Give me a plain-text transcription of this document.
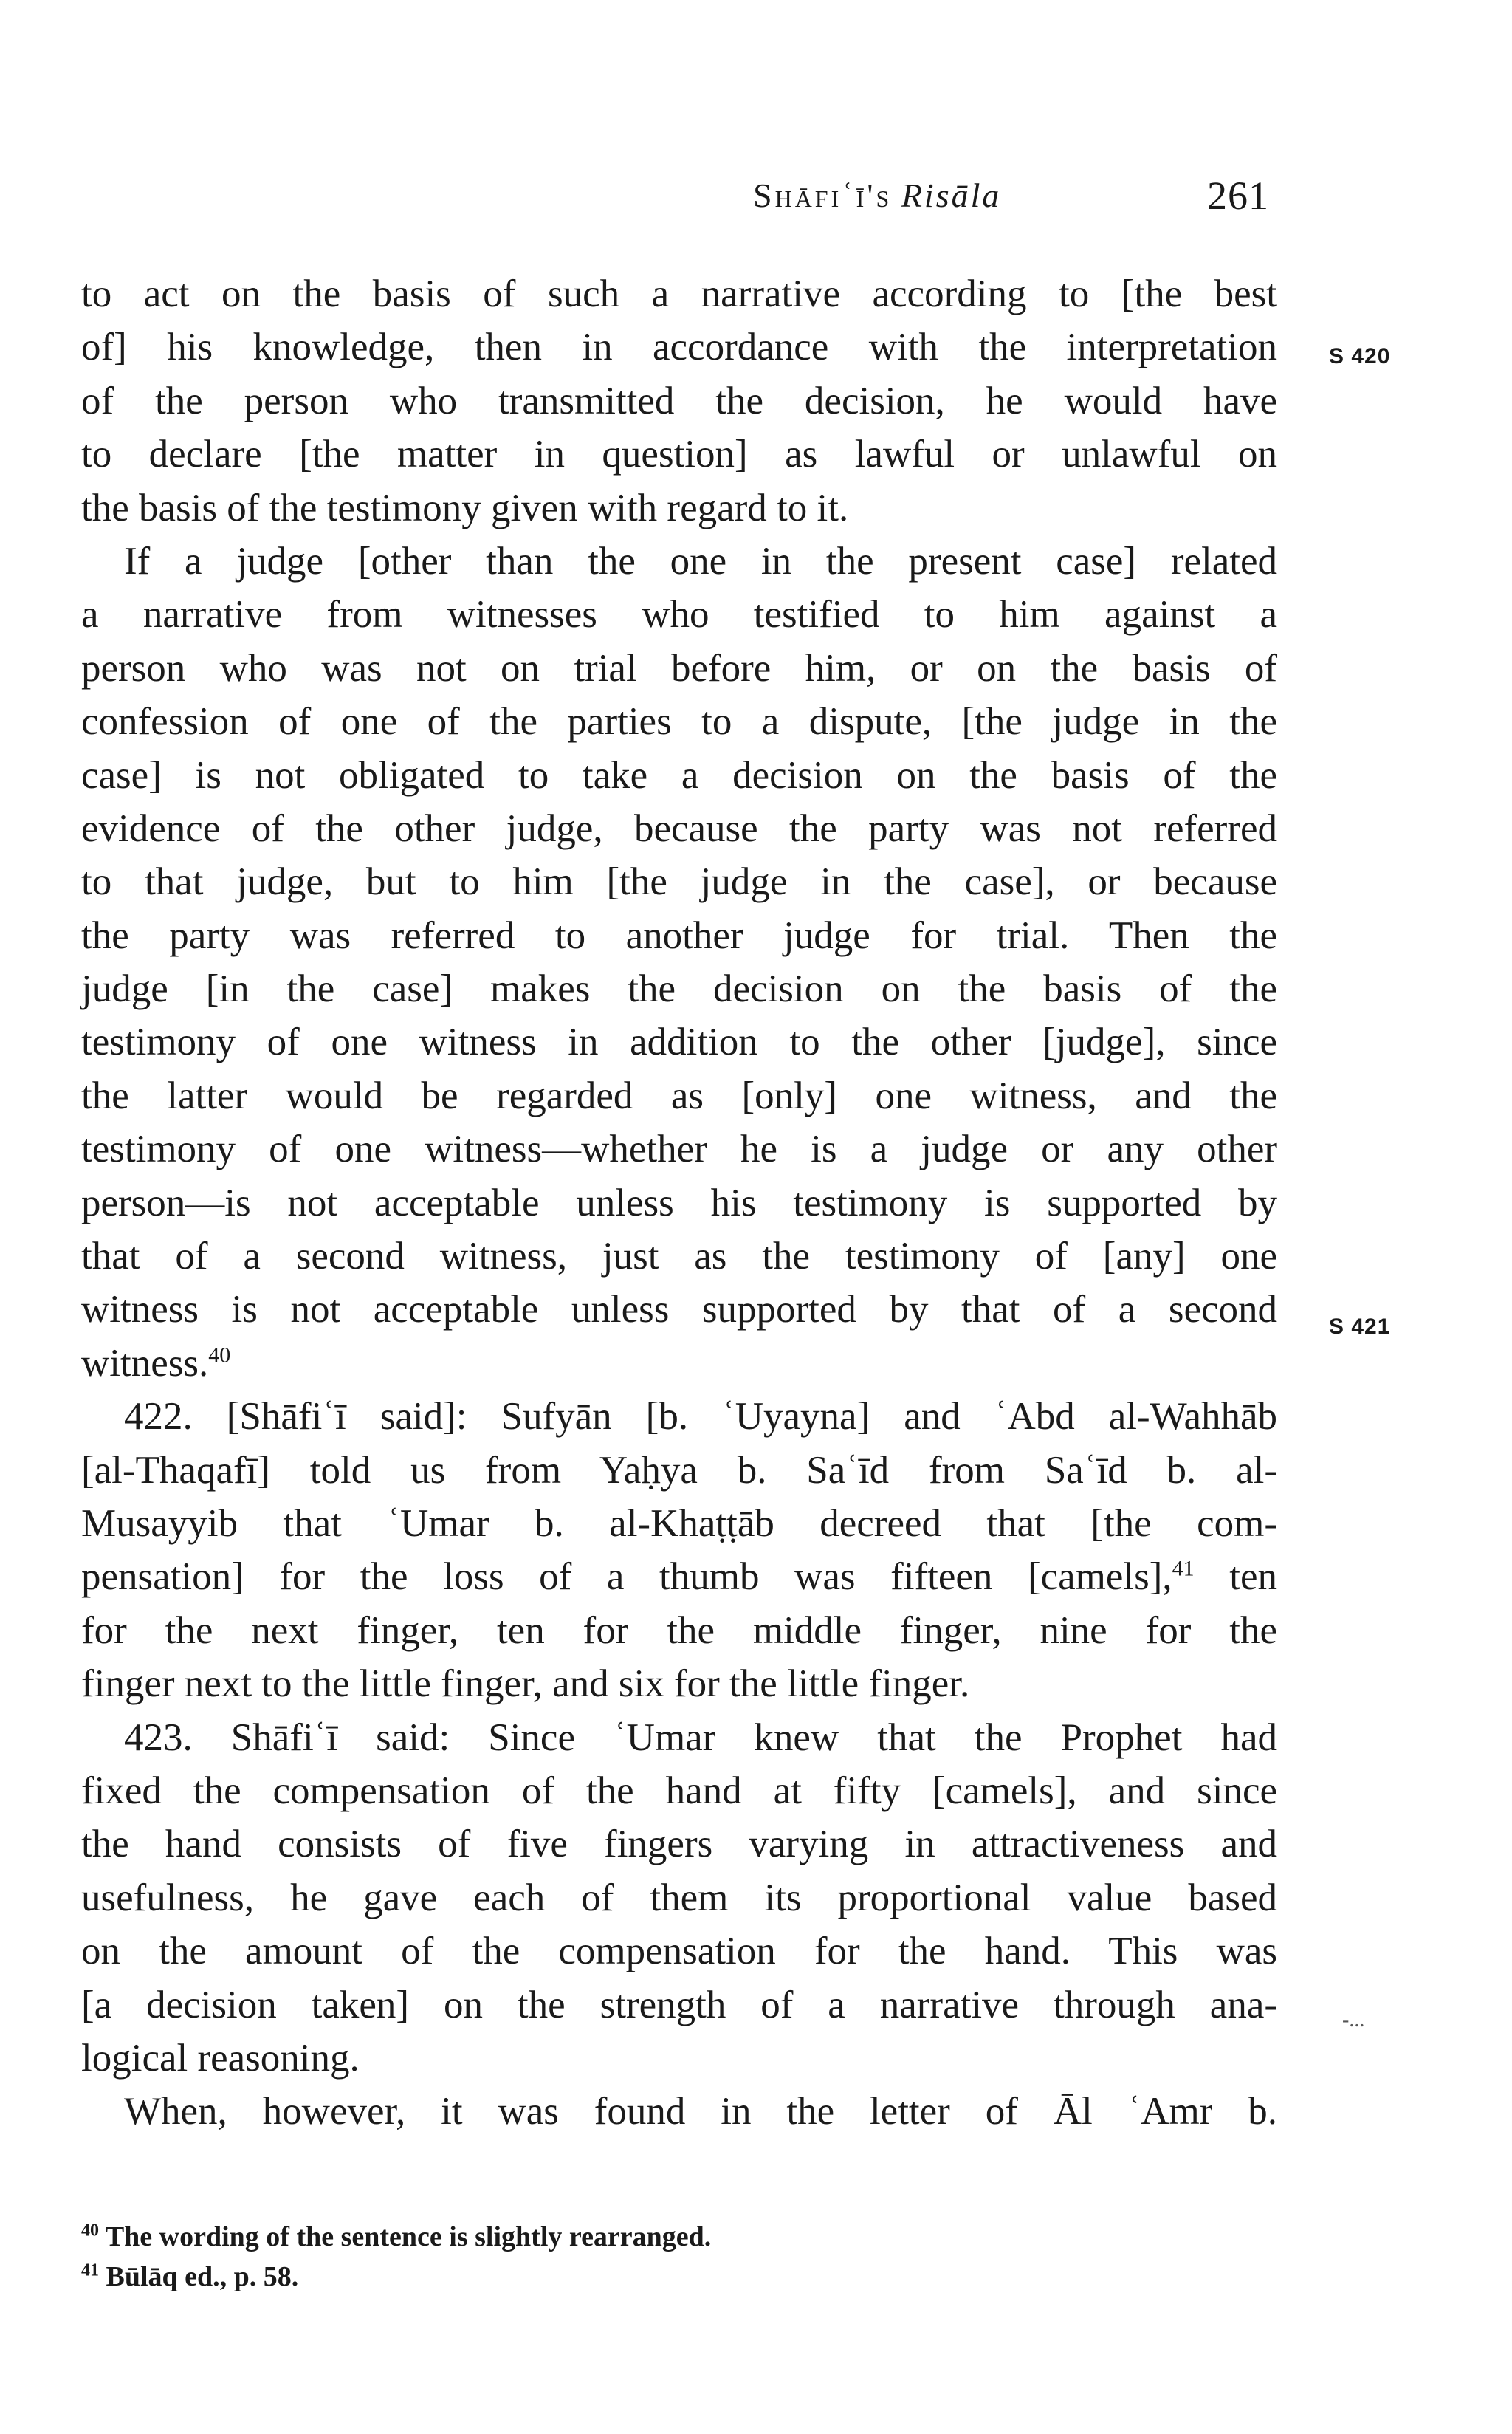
Shāfiʿī's Risāla	261
S 420
S 421
-...
to act on the basis of such a narrative according to [the best
of] his knowledge, then in accordance with the interpretation
of the person who transmitted the decision, he would have
to declare [the matter in question] as lawful or unlawful on
the basis of the testimony given with regard to it.
If a judge [other than the one in the present case] related
a narrative from witnesses who testified to him against a
person who was not on trial before him, or on the basis of
confession of one of the parties to a dispute, [the judge in the
case] is not obligated to take a decision on the basis of the
evidence of the other judge, because the party was not referred
to that judge, but to him [the judge in the case], or because
the party was referred to another judge for trial. Then the
judge [in the case] makes the decision on the basis of the
testimony of one witness in addition to the other [judge], since
the latter would be regarded as [only] one witness, and the
testimony of one witness—whether he is a judge or any other
person—is not acceptable unless his testimony is supported by
that of a second witness, just as the testimony of [any] one
witness is not acceptable unless supported by that of a second
witness.$^{40}$
422. [Shāfiʿī said]: Sufyān [b. ʿUyayna] and ʿAbd al-Wahhāb
[al-Thaqafī] told us from Yaḥya b. Saʿīd from Saʿīd b. al-
Musayyib that ʿUmar b. al-Khaṭṭāb decreed that [the com-
pensation] for the loss of a thumb was fifteen [camels],$^{41}$ ten
for the next finger, ten for the middle finger, nine for the
finger next to the little finger, and six for the little finger.
423. Shāfiʿī said: Since ʿUmar knew that the Prophet had
fixed the compensation of the hand at fifty [camels], and since
the hand consists of five fingers varying in attractiveness and
usefulness, he gave each of them its proportional value based
on the amount of the compensation for the hand. This was
[a decision taken] on the strength of a narrative through ana-
logical reasoning.
When, however, it was found in the letter of Āl ʿAmr b.
$^{40}$ The wording of the sentence is slightly rearranged.
$^{41}$ Būlāq ed., p. 58.
